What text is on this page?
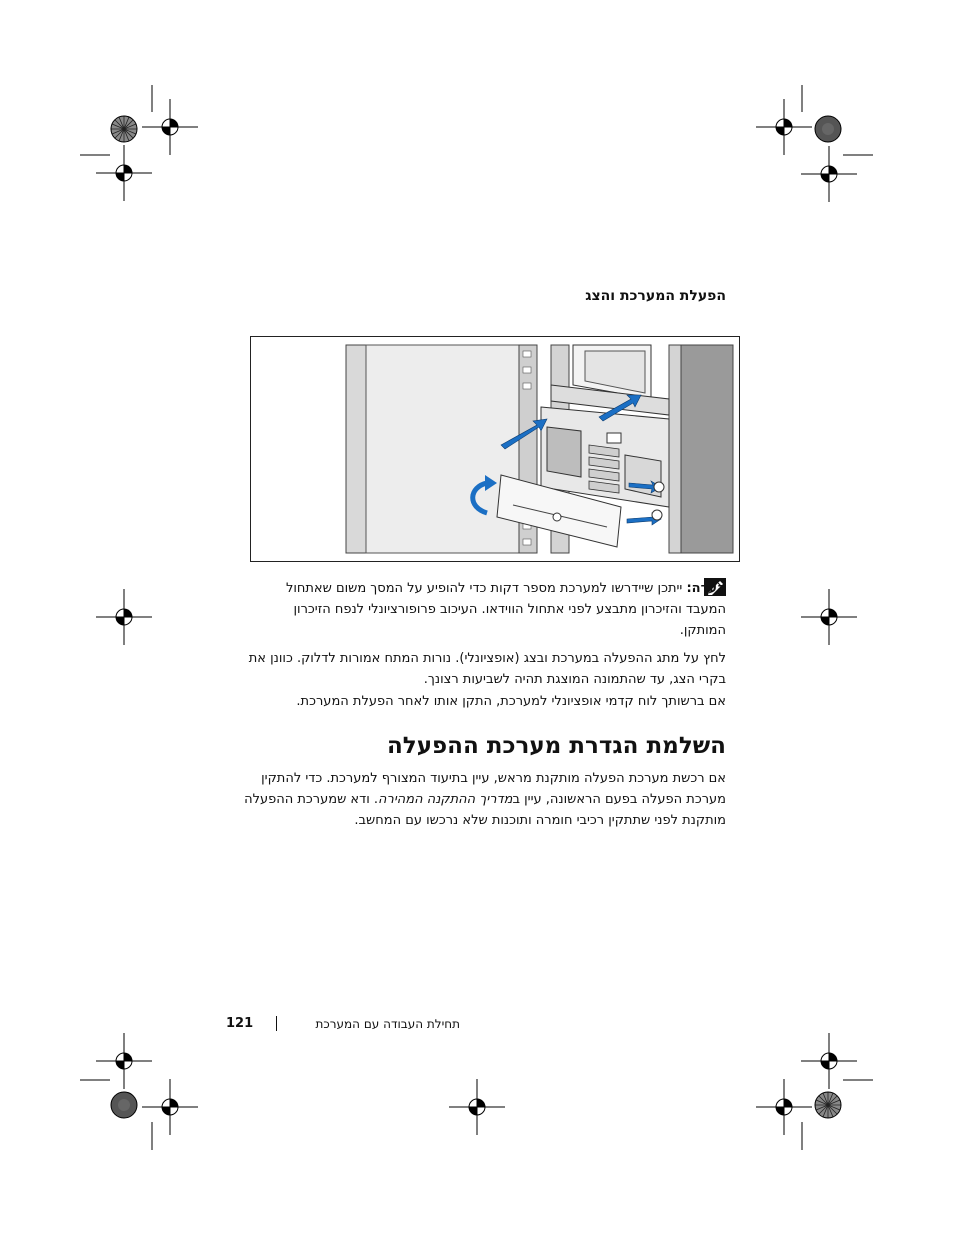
הפעלת המערכת והצג
הערה: ייתכן שיידרשו למערכת מספר דקות כדי להופיע על המסך משום שאתחול המעבד והזיכרון מתבצע לפני אתחול הווידאו. העיכוב פרופורציונלי לנפח הזיכרון המותקן.
לחץ על מתג ההפעלה במערכת ובצג (אופציונלי). נורות המתח אמורות לדלוק. כוונן את בקרי הצג, עד שהתמונה המוצגת תהיה לשביעות רצונך.
אם ברשותך לוח קדמי אופציונלי למערכת, התקן אותו לאחר הפעלת המערכת.
השלמת הגדרת מערכת ההפעלה
אם רכשת מערכת הפעלה מותקנת מראש, עיין בתיעוד המצורף למערכת. כדי להתקין מערכת הפעלה בפעם הראשונה, עיין במדריך ההתקנה המהירה. ודא שמערכת ההפעלה מותקנת לפני שתתקין רכיבי חומרה ותוכנות שלא נרכשו עם המחשב.
121	תחילת העבודה עם המערכת
